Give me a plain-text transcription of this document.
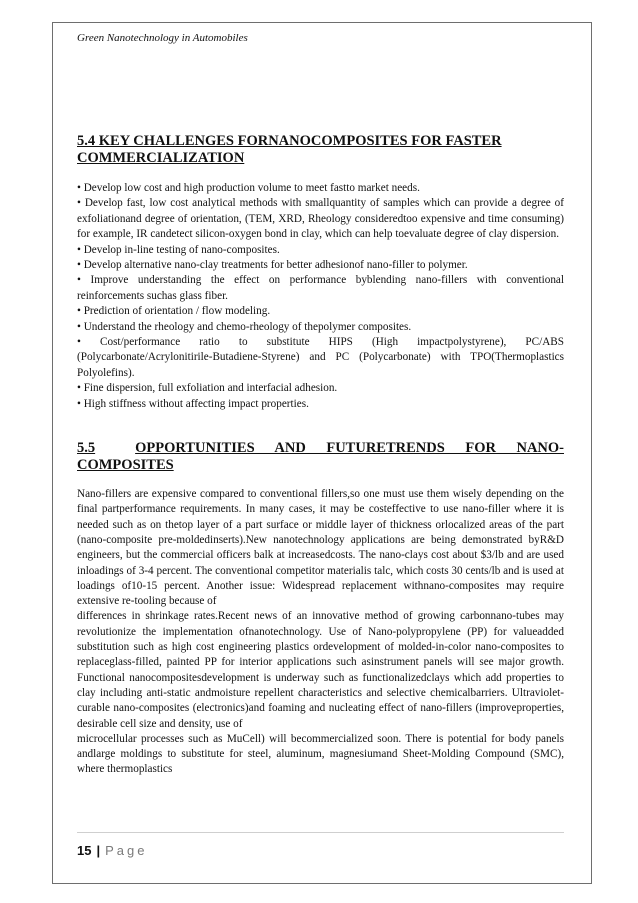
Green Nanotechnology in Automobiles
5.4 KEY CHALLENGES FORNANOCOMPOSITES FOR FASTER COMMERCIALIZATION
• Develop low cost and high production volume to meet fastto market needs.
• Develop fast, low cost analytical methods with smallquantity of samples which can provide a degree of exfoliationand degree of orientation, (TEM, XRD, Rheology consideredtoo expensive and time consuming) for example, IR candetect silicon-oxygen bond in clay, which can help toevaluate degree of clay dispersion.
• Develop in-line testing of nano-composites.
• Develop alternative nano-clay treatments for better adhesionof nano-filler to polymer.
• Improve understanding the effect on performance byblending nano-fillers with conventional reinforcements suchas glass fiber.
• Prediction of orientation / flow modeling.
• Understand the rheology and chemo-rheology of thepolymer composites.
• Cost/performance ratio to substitute HIPS (High impactpolystyrene), PC/ABS (Polycarbonate/Acrylonitirile-Butadiene-Styrene) and PC (Polycarbonate) with TPO(Thermoplastics Polyolefins).
• Fine dispersion, full exfoliation and interfacial adhesion.
• High stiffness without affecting impact properties.
5.5	OPPORTUNITIES AND FUTURETRENDS FOR NANO-COMPOSITES

Nano-fillers are expensive compared to conventional fillers,so one must use them wisely depending on the final partperformance requirements. In many cases, it may be costeffective to use nano-filler where it is needed such as on thetop layer of a part surface or middle layer of thickness orlocalized areas of the part (nano-composite pre-moldedinserts).New nanotechnology applications are being demonstrated byR&D engineers, but the commercial officers balk at increasedcosts. The nano-clays cost about $3/lb and are used inloadings of 3-4 percent. The conventional competitor materialis talc, which costs 30 cents/lb and is used at loadings of10-15 percent. Another issue: Widespread replacement withnano-composites may require extensive re-tooling because of
differences in shrinkage rates.Recent news of an innovative method of growing carbonnano-tubes may revolutionize the implementation ofnanotechnology. Use of Nano-polypropylene (PP) for valueadded substitution such as high cost engineering plastics ordevelopment of molded-in-color nano-composites to replaceglass-filled, painted PP for interior applications such asinstrument panels will see major growth. Functional nanocompositesdevelopment is underway such as functionalizedclays which add properties to clay including anti-static andmoisture repellent characteristics and selective chemicalbarriers. Ultraviolet-curable nano-composites (electronics)and foaming and nucleating effect of nano-fillers (improveproperties, desirable cell size and density, use of
microcellular processes such as MuCell) will becommercialized soon. There is potential for body panels andlarge moldings to substitute for steel, aluminum, magnesiumand Sheet-Molding Compound (SMC), where thermoplastics

15 | Page
